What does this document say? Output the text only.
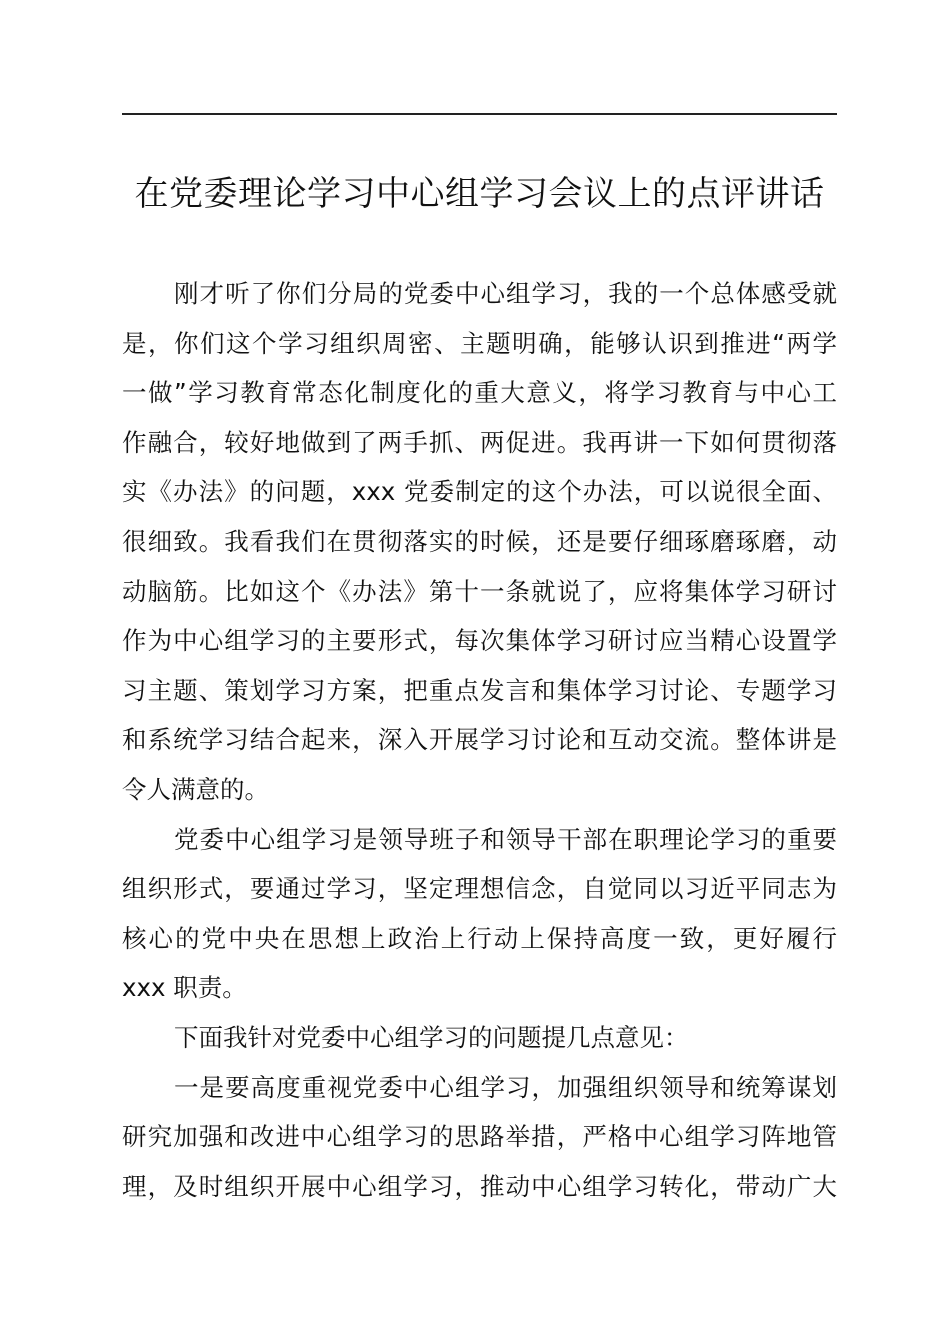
在党委理论学习中心组学习会议上的点评讲话
刚才听了你们分局的党委中心组学习，我的一个总体感受就
是，你们这个学习组织周密、主题明确，能够认识到推进“两学
一做”学习教育常态化制度化的重大意义，将学习教育与中心工
作融合，较好地做到了两手抓、两促进。我再讲一下如何贯彻落
实《办法》的问题，xxx 党委制定的这个办法，可以说很全面、
很细致。我看我们在贯彻落实的时候，还是要仔细琢磨琢磨，动
动脑筋。比如这个《办法》第十一条就说了，应将集体学习研讨
作为中心组学习的主要形式，每次集体学习研讨应当精心设置学
习主题、策划学习方案，把重点发言和集体学习讨论、专题学习
和系统学习结合起来，深入开展学习讨论和互动交流。整体讲是
令人满意的。
党委中心组学习是领导班子和领导干部在职理论学习的重要
组织形式，要通过学习，坚定理想信念，自觉同以习近平同志为
核心的党中央在思想上政治上行动上保持高度一致，更好履行
xxx 职责。
下面我针对党委中心组学习的问题提几点意见：
一是要高度重视党委中心组学习，加强组织领导和统筹谋划
研究加强和改进中心组学习的思路举措，严格中心组学习阵地管
理，及时组织开展中心组学习，推动中心组学习转化，带动广大
